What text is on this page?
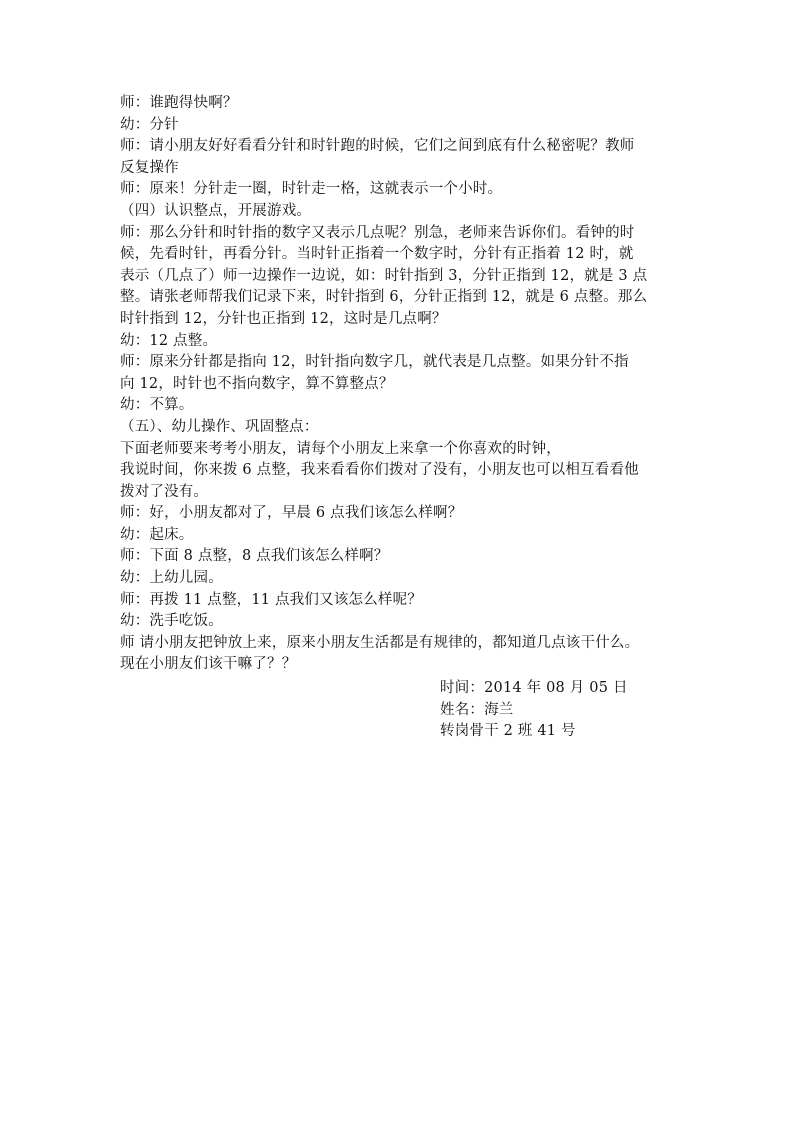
师：谁跑得快啊？
幼：分针
师：请小朋友好好看看分针和时针跑的时候，它们之间到底有什么秘密呢？教师
反复操作
师：原来！分针走一圈，时针走一格，这就表示一个小时。
（四）认识整点，开展游戏。
师：那么分针和时针指的数字又表示几点呢？别急，老师来告诉你们。看钟的时
候，先看时针，再看分针。当时针正指着一个数字时，分针有正指着 12 时，就
表示（几点了）师一边操作一边说，如：时针指到 3，分针正指到 12，就是 3 点
整。请张老师帮我们记录下来，时针指到 6，分针正指到 12，就是 6 点整。那么
时针指到 12，分针也正指到 12，这时是几点啊？
幼：12 点整。
师：原来分针都是指向 12，时针指向数字几，就代表是几点整。如果分针不指
向 12，时针也不指向数字，算不算整点？
幼：不算。
（五）、幼儿操作、巩固整点：
下面老师要来考考小朋友，请每个小朋友上来拿一个你喜欢的时钟，
我说时间，你来拨 6 点整，我来看看你们拨对了没有，小朋友也可以相互看看他
拨对了没有。
师：好，小朋友都对了，早晨 6 点我们该怎么样啊？
幼：起床。
师：下面 8 点整，8 点我们该怎么样啊？
幼：上幼儿园。
师：再拨 11 点整，11 点我们又该怎么样呢？
幼：洗手吃饭。
师 请小朋友把钟放上来，原来小朋友生活都是有规律的，都知道几点该干什么。
现在小朋友们该干嘛了？？
时间：2014 年 08 月 05 日
姓名：海兰
转岗骨干 2 班 41 号
